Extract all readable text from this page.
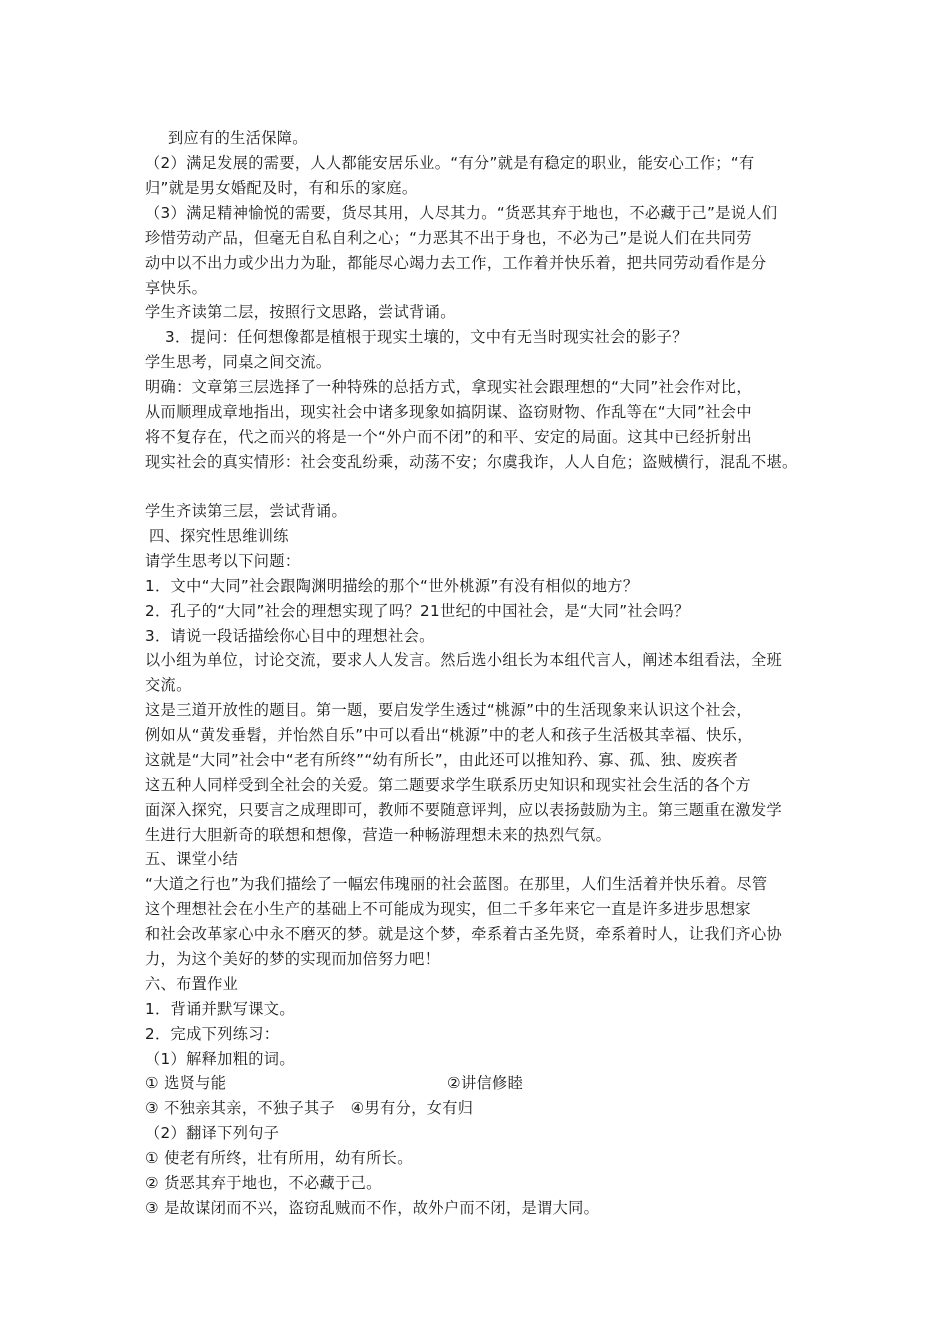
到应有的生活保障。
（2）满足发展的需要，人人都能安居乐业。“有分”就是有稳定的职业，能安心工作；“有
归”就是男女婚配及时，有和乐的家庭。
（3）满足精神愉悦的需要，货尽其用，人尽其力。“货恶其弃于地也，不必藏于己”是说人们
珍惜劳动产品，但毫无自私自利之心；“力恶其不出于身也，不必为己”是说人们在共同劳
动中以不出力或少出力为耻，都能尽心竭力去工作，工作着并快乐着，把共同劳动看作是分
享快乐。
学生齐读第二层，按照行文思路，尝试背诵。
3．提问：任何想像都是植根于现实土壤的，文中有无当时现实社会的影子？
学生思考，同桌之间交流。
明确：文章第三层选择了一种特殊的总括方式，拿现实社会跟理想的“大同”社会作对比，
从而顺理成章地指出，现实社会中诸多现象如搞阴谋、盗窃财物、作乱等在“大同”社会中
将不复存在，代之而兴的将是一个“外户而不闭”的和平、安定的局面。这其中已经折射出
现实社会的真实情形：社会变乱纷乘，动荡不安；尔虞我诈，人人自危；盗贼横行，混乱不堪。
学生齐读第三层，尝试背诵。
四、探究性思维训练
请学生思考以下问题：
1．文中“大同”社会跟陶渊明描绘的那个“世外桃源”有没有相似的地方？
2．孔子的“大同”社会的理想实现了吗？21世纪的中国社会，是“大同”社会吗？
3．请说一段话描绘你心目中的理想社会。
以小组为单位，讨论交流，要求人人发言。然后选小组长为本组代言人，阐述本组看法，全班
交流。
这是三道开放性的题目。第一题，要启发学生透过“桃源”中的生活现象来认识这个社会，
例如从“黄发垂髫，并怡然自乐”中可以看出“桃源”中的老人和孩子生活极其幸福、快乐，
这就是“大同”社会中“老有所终”“幼有所长”，由此还可以推知矜、寡、孤、独、废疾者
这五种人同样受到全社会的关爱。第二题要求学生联系历史知识和现实社会生活的各个方
面深入探究，只要言之成理即可，教师不要随意评判，应以表扬鼓励为主。第三题重在激发学
生进行大胆新奇的联想和想像，营造一种畅游理想未来的热烈气氛。
五、课堂小结
“大道之行也”为我们描绘了一幅宏伟瑰丽的社会蓝图。在那里，人们生活着并快乐着。尽管
这个理想社会在小生产的基础上不可能成为现实，但二千多年来它一直是许多进步思想家
和社会改革家心中永不磨灭的梦。就是这个梦，牵系着古圣先贤，牵系着时人，让我们齐心协
力，为这个美好的梦的实现而加倍努力吧！
六、布置作业
1．背诵并默写课文。
2．完成下列练习：
（1）解释加粗的词。
① 选贤与能	②讲信修睦
③ 不独亲其亲，不独子其子　④男有分，女有归
（2）翻译下列句子
① 使老有所终，壮有所用，幼有所长。
② 货恶其弃于地也，不必藏于己。
③ 是故谋闭而不兴，盗窃乱贼而不作，故外户而不闭，是谓大同。
